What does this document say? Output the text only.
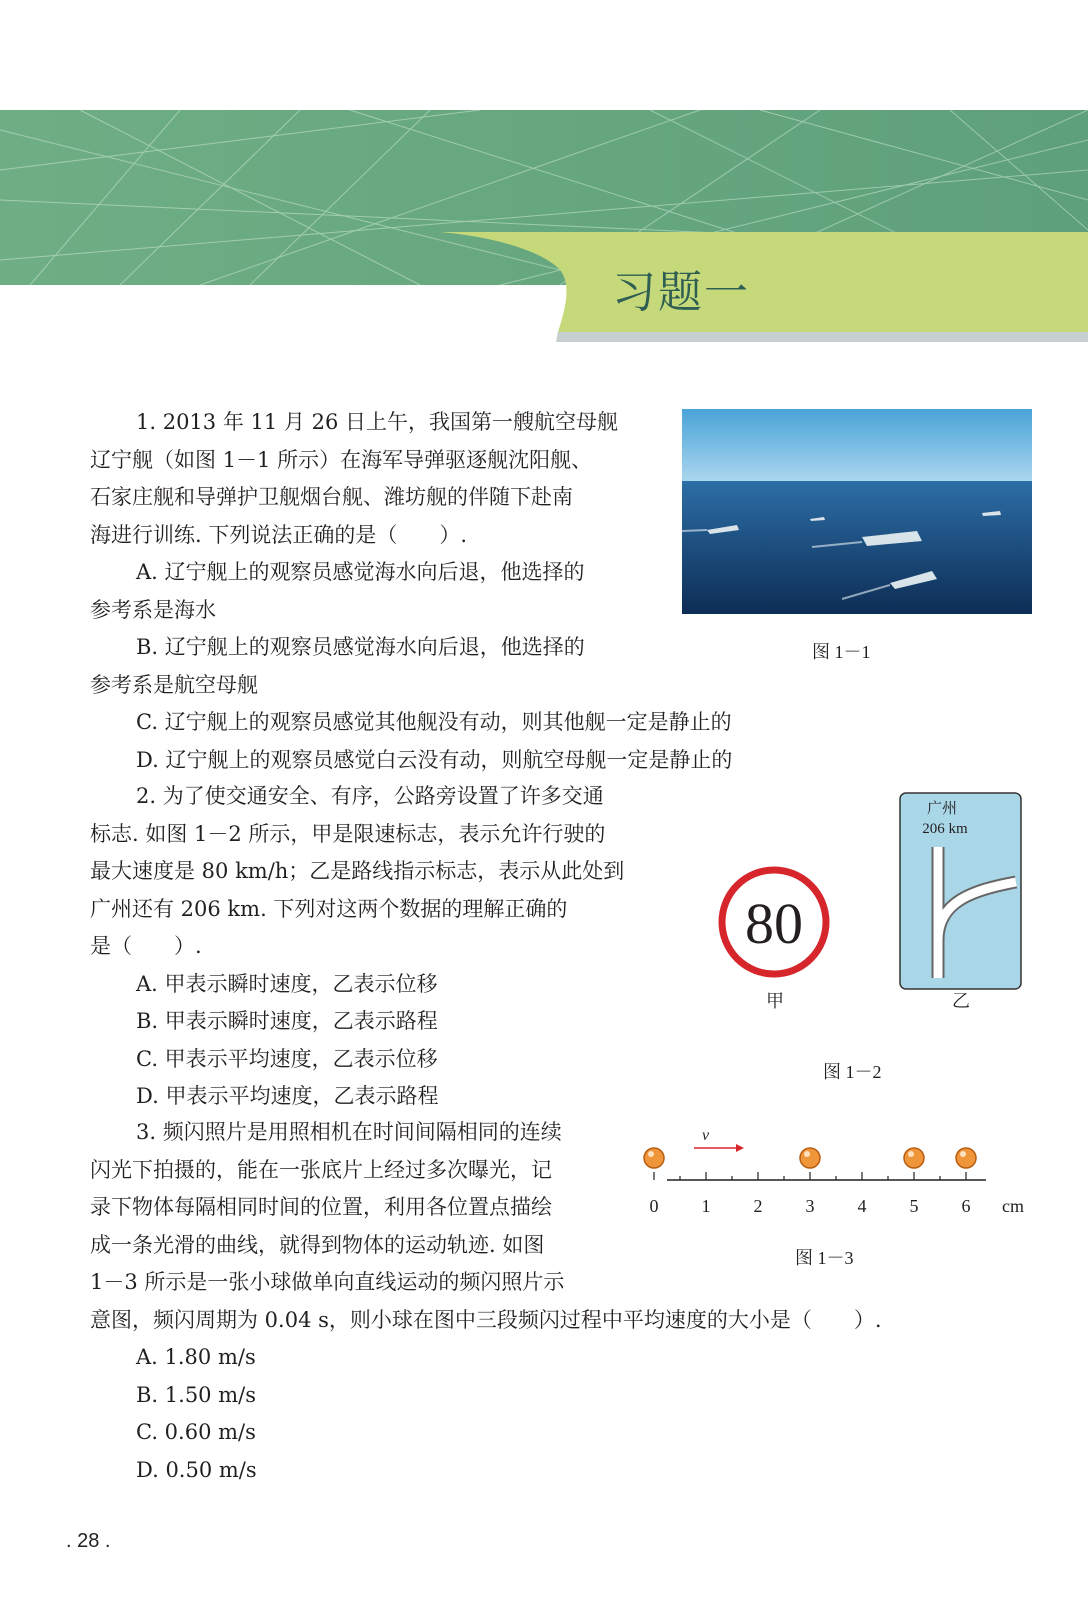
习题一
1. 2013 年 11 月 26 日上午，我国第一艘航空母舰
辽宁舰（如图 1－1 所示）在海军导弹驱逐舰沈阳舰、
石家庄舰和导弹护卫舰烟台舰、潍坊舰的伴随下赴南
海进行训练. 下列说法正确的是（　　）.
A. 辽宁舰上的观察员感觉海水向后退，他选择的
参考系是海水
B. 辽宁舰上的观察员感觉海水向后退，他选择的
参考系是航空母舰
C. 辽宁舰上的观察员感觉其他舰没有动，则其他舰一定是静止的
D. 辽宁舰上的观察员感觉白云没有动，则航空母舰一定是静止的
图 1－1
2. 为了使交通安全、有序，公路旁设置了许多交通
标志. 如图 1－2 所示，甲是限速标志，表示允许行驶的
最大速度是 80 km/h；乙是路线指示标志，表示从此处到
广州还有 206 km. 下列对这两个数据的理解正确的
是（　　）.
A. 甲表示瞬时速度，乙表示位移
B. 甲表示瞬时速度，乙表示路程
C. 甲表示平均速度，乙表示位移
D. 甲表示平均速度，乙表示路程
80
广州
206 km
甲	乙
图 1－2
3. 频闪照片是用照相机在时间间隔相同的连续
闪光下拍摄的，能在一张底片上经过多次曝光，记
录下物体每隔相同时间的位置，利用各位置点描绘
成一条光滑的曲线，就得到物体的运动轨迹. 如图
1－3 所示是一张小球做单向直线运动的频闪照片示
意图，频闪周期为 0.04 s，则小球在图中三段频闪过程中平均速度的大小是（　　）.
A. 1.80 m/s
B. 1.50 m/s
C. 0.60 m/s
D. 0.50 m/s
v
0 1 2 3 4 5 6 cm
图 1－3
. 28 .
